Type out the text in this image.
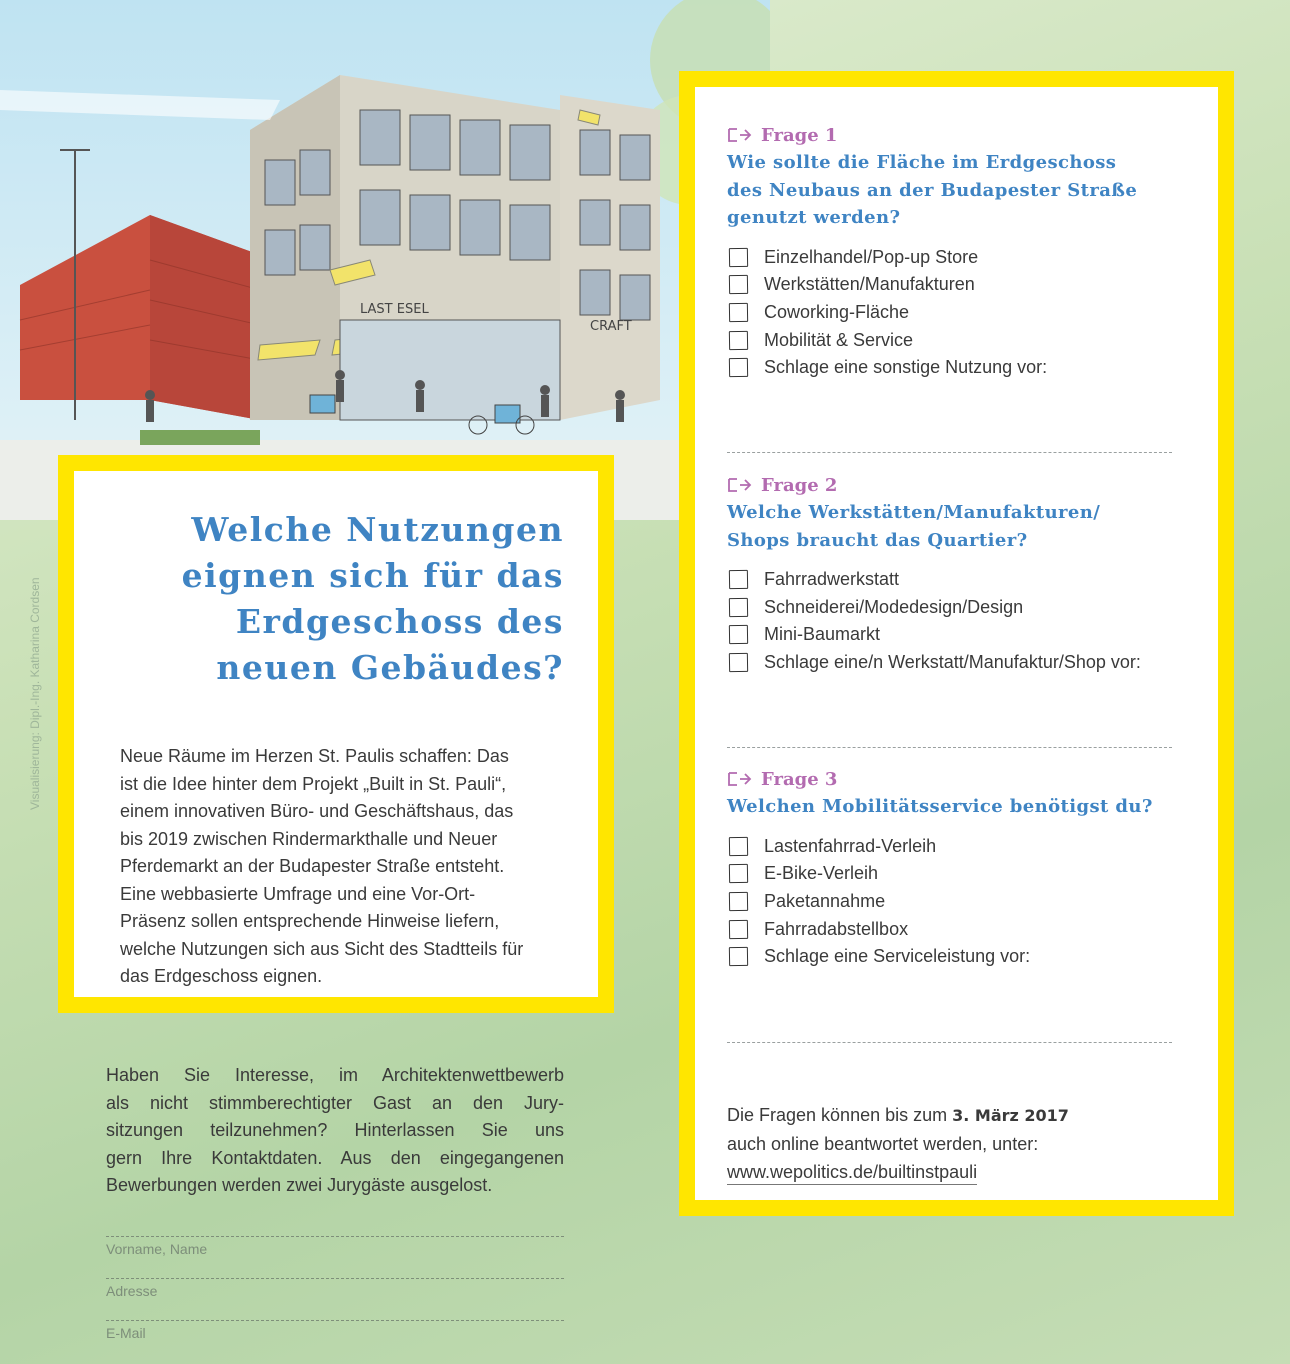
LAST ESEL
CRAFT
Visualisierung: Dipl.-Ing. Katharina Cordsen
Welche Nutzungen
eignen sich für das
Erdgeschoss des
neuen Gebäudes?

Neue Räume im Herzen St. Paulis schaffen: Das
ist die Idee hinter dem Projekt „Built in St. Pauli“,
einem innovativen Büro- und Geschäftshaus, das
bis 2019 zwischen Rindermarkthalle und Neuer
Pferdemarkt an der Budapester Straße entsteht.
Eine webbasierte Umfrage und eine Vor-Ort-
Präsenz sollen entsprechende Hinweise liefern,
welche Nutzungen sich aus Sicht des Stadtteils für
das Erdgeschoss eignen.

Haben Sie Interesse, im Architektenwettbewerb
als nicht stimmberechtigter Gast an den Jury-
sitzungen teilzunehmen? Hinterlassen Sie uns
gern Ihre Kontaktdaten. Aus den eingegangenen
Bewerbungen werden zwei Jurygäste ausgelost.

Vorname, Name
Adresse
E-Mail
Frage 1
Wie sollte die Fläche im Erdgeschoss
des Neubaus an der Budapester Straße
genutzt werden?
Einzelhandel/Pop-up Store
Werkstätten/Manufakturen
Coworking-Fläche
Mobilität & Service
Schlage eine sonstige Nutzung vor:
Frage 2
Welche Werkstätten/Manufakturen/
Shops braucht das Quartier?
Fahrradwerkstatt
Schneiderei/Modedesign/Design
Mini-Baumarkt
Schlage eine/n Werkstatt/Manufaktur/Shop vor:
Frage 3
Welchen Mobilitätsservice benötigst du?
Lastenfahrrad-Verleih
E-Bike-Verleih
Paketannahme
Fahrradabstellbox
Schlage eine Serviceleistung vor:
Die Fragen können bis zum 3. März 2017
auch online beantwortet werden, unter:
www.wepolitics.de/builtinstpauli
